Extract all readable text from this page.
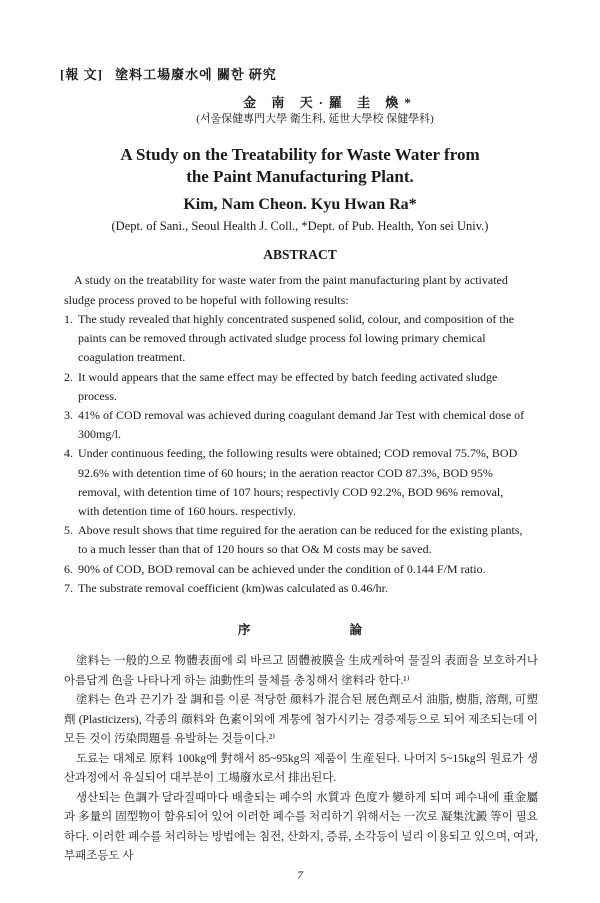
[報 文] 塗料工場廢水에 關한 硏究
金 南 天·羅 圭 煥*
(서울保健專門大學 衛生科, 延世大學校 保健學科)
A Study on the Treatability for Waste Water from
the Paint Manufacturing Plant.
Kim, Nam Cheon. Kyu Hwan Ra*
(Dept. of Sani., Seoul Health J. Coll., *Dept. of Pub. Health, Yon sei Univ.)
ABSTRACT
A study on the treatability for waste water from the paint manufacturing plant by activated sludge process proved to be hopeful with following results:
1. The study revealed that highly concentrated suspened solid, colour, and composition of the paints can be removed through activated sludge process fol lowing primary chemical coagulation treatment.
2. It would appears that the same effect may be effected by batch feeding activated sludge process.
3. 41% of COD removal was achieved during coagulant demand Jar Test with chemical dose of 300mg/l.
4. Under continuous feeding, the following results were obtained; COD removal 75.7%, BOD 92.6% with detention time of 60 hours; in the aeration reactor COD 87.3%, BOD 95% removal, with detention time of 107 hours; respectivly COD 92.2%, BOD 96% removal, with detention time of 160 hours. respectivly.
5. Above result shows that time reguired for the aeration can be reduced for the existing plants, to a much lesser than that of 120 hours so that O& M costs may be saved.
6. 90% of COD, BOD removal can be achieved under the condition of 0.144 F/M ratio.
7. The substrate removal coefficient (km)was calculated as 0.46/hr.
序 論

塗料는 一般的으로 物體表面에 뢰 바르고 固體被膜을 生成케하여 물질의 表面을 보호하거나 아름답게 色을 나타나게 하는 油動性의 물체를 총칭해서 塗料라 한다.¹⁾

塗料는 色과 끈기가 잘 調和를 이룬 적당한 顔料가 混合된 展色劑로서 油脂, 樹脂, 溶劑, 可塑劑 (Plasticizers), 각종의 顔料와 色素이외에 계통에 첨가시키는 경증제등으로 되어 제조되는데 이 모든 것이 汚染問題를 유발하는 것들이다.²⁾

도료는 대체로 原料 100kg에 對해서 85~95kg의 제품이 生産된다. 나머지 5~15kg의 원료가 생산과정에서 유실되어 대부분이 工場廢水로서 排出된다.

생산되는 色調가 달라질때마다 배출되는 폐수의 水質과 色度가 變하게 되며 폐수내에 重金屬과 多量의 固型物이 함유되어 있어 이러한 폐수를 처리하기 위해서는 一次로 凝集沈澱 等이 필요하다. 이러한 폐수를 처리하는 방법에는 침전, 산화지, 증류, 소각등이 널리 이용되고 있으며, 여과, 부패조등도 사

7
